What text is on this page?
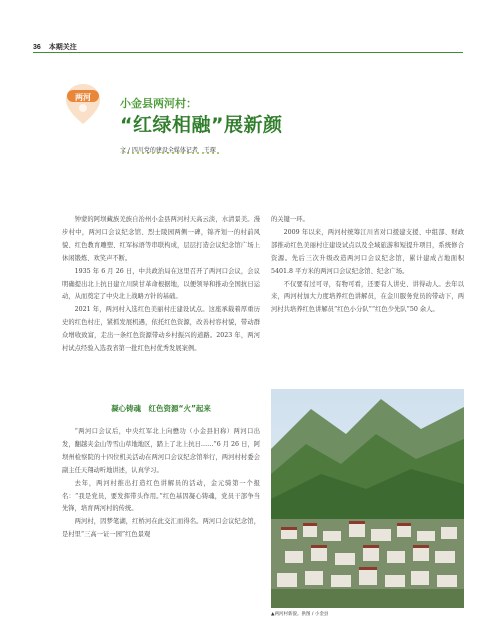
36 本期关注
两河	小金县两河村：
“红绿相融”展新颜
文 / 四川党的建设全媒体记者　王琛

钟蒙的阿坝藏族羌族自治州小金县两河村天高云淡，水清景美。漫步村中，两河口会议纪念馆、烈士陵园两侧一碑，锦齐划一的村前风貌、红色教育雕塑、红军标语等串联构成，层层打造会议纪念馆广场上休闲锻炼、欢笑声不断。

1935 年 6 月 26 日，中共政治局在这里召开了两河口会议，会议明确提出北上抗日建立川陕甘革命根据地，以便领导和推动全国抗日运动，从而奠定了中央北上战略方针的基础。

2021 年，两河村入选红色美丽村庄建设试点。这座承载着厚重历史的红色村庄，紧抓发展机遇，依托红色资源，改善村容村貌，带动群众增收致富，走出一条红色资源带动乡村振兴的道路。2023 年，两河村试点经验入选我省第一批红色村优秀发展案例。

的关键一环。

2009 年以来，两河村统筹江川省对口援建支援、中组部、财政部推动红色美丽村庄建设试点以及全域旅游和短提升项目，系统修合资源。先后三次升级改造两河口会议纪念馆，累计建成占地面积 5401.8 平方米的两河口会议纪念馆、纪念广场。

不仅要有过可寻，有物可看，还要有人讲史、讲得动人。去年以来，两河村加大力度培养红色讲解员，在金川服务党员的带动下，两河村共培养红色讲解员“红色小分队”“红色少先队”50 余人。

凝心铸魂　红色资源“火”起来

“两河口会议后，中央红军北上向懋功（小金县旧称）两河口出发，翻越夹金山等雪山草地地区，踏上了北上抗日……”6 月 26 日，阿坝州检察院的十四位机关活动在两河口会议纪念馆举行，两河村村委会副主任天翔动听地讲述，认真学习。

去年，两河村推出打造红色讲解员的活动，金元骑第一个报名：“我是党员，要发挥带头作用。”红色基因凝心铸魂，党员干部争当先锋，培育两河村的传统。

两河村，因梦笔湖，红桥河在此交汇而得名。两河口会议纪念馆，是村里“三高一证一园”红色景观

▲两河村新貌。供图 / 小金县
